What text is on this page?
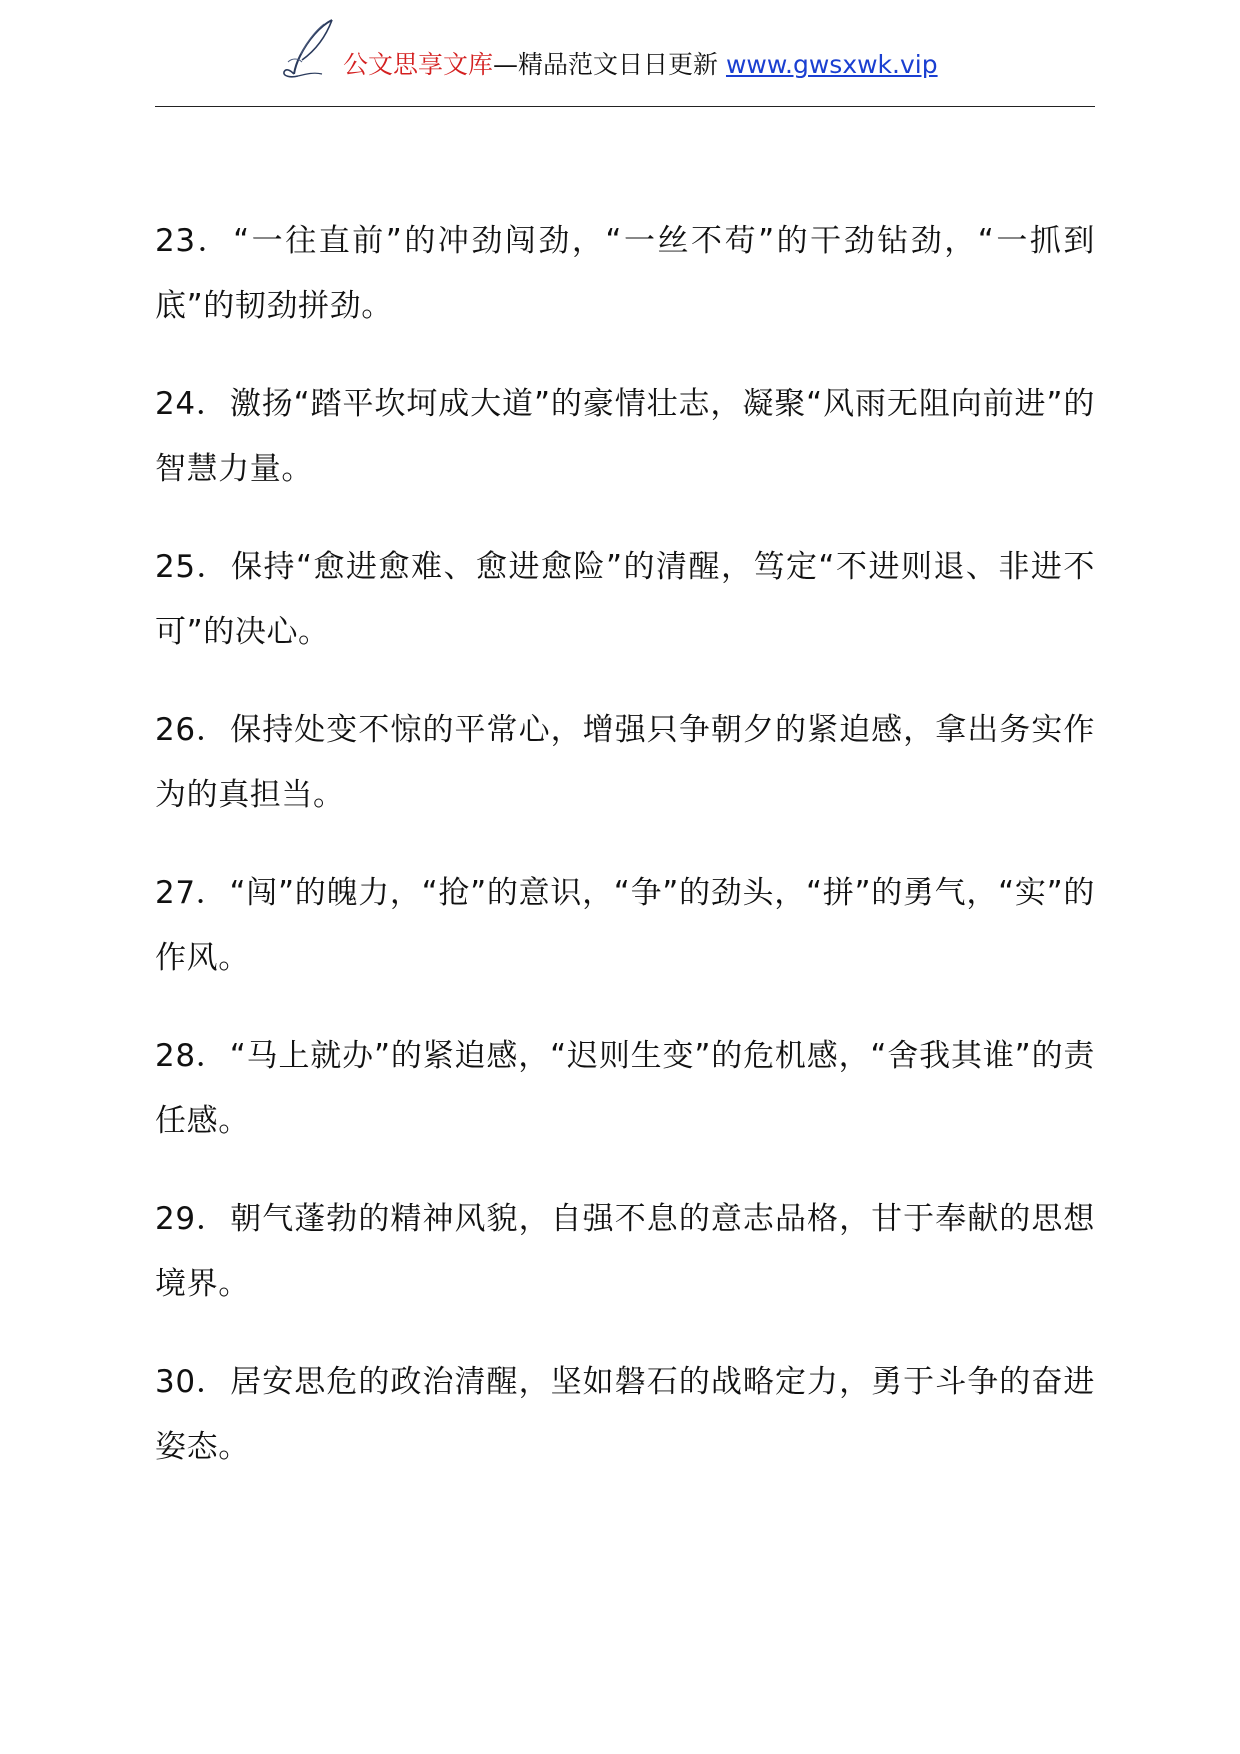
公文思享文库—精品范文日日更新 www.gwsxwk.vip

23．“一往直前”的冲劲闯劲，“一丝不苟”的干劲钻劲，“一抓到底”的韧劲拼劲。

24．激扬“踏平坎坷成大道”的豪情壮志，凝聚“风雨无阻向前进”的智慧力量。

25．保持“愈进愈难、愈进愈险”的清醒，笃定“不进则退、非进不可”的决心。

26．保持处变不惊的平常心，增强只争朝夕的紧迫感，拿出务实作为的真担当。

27．“闯”的魄力，“抢”的意识，“争”的劲头，“拼”的勇气，“实”的作风。

28．“马上就办”的紧迫感，“迟则生变”的危机感，“舍我其谁”的责任感。

29．朝气蓬勃的精神风貌，自强不息的意志品格，甘于奉献的思想境界。

30．居安思危的政治清醒，坚如磐石的战略定力，勇于斗争的奋进姿态。
